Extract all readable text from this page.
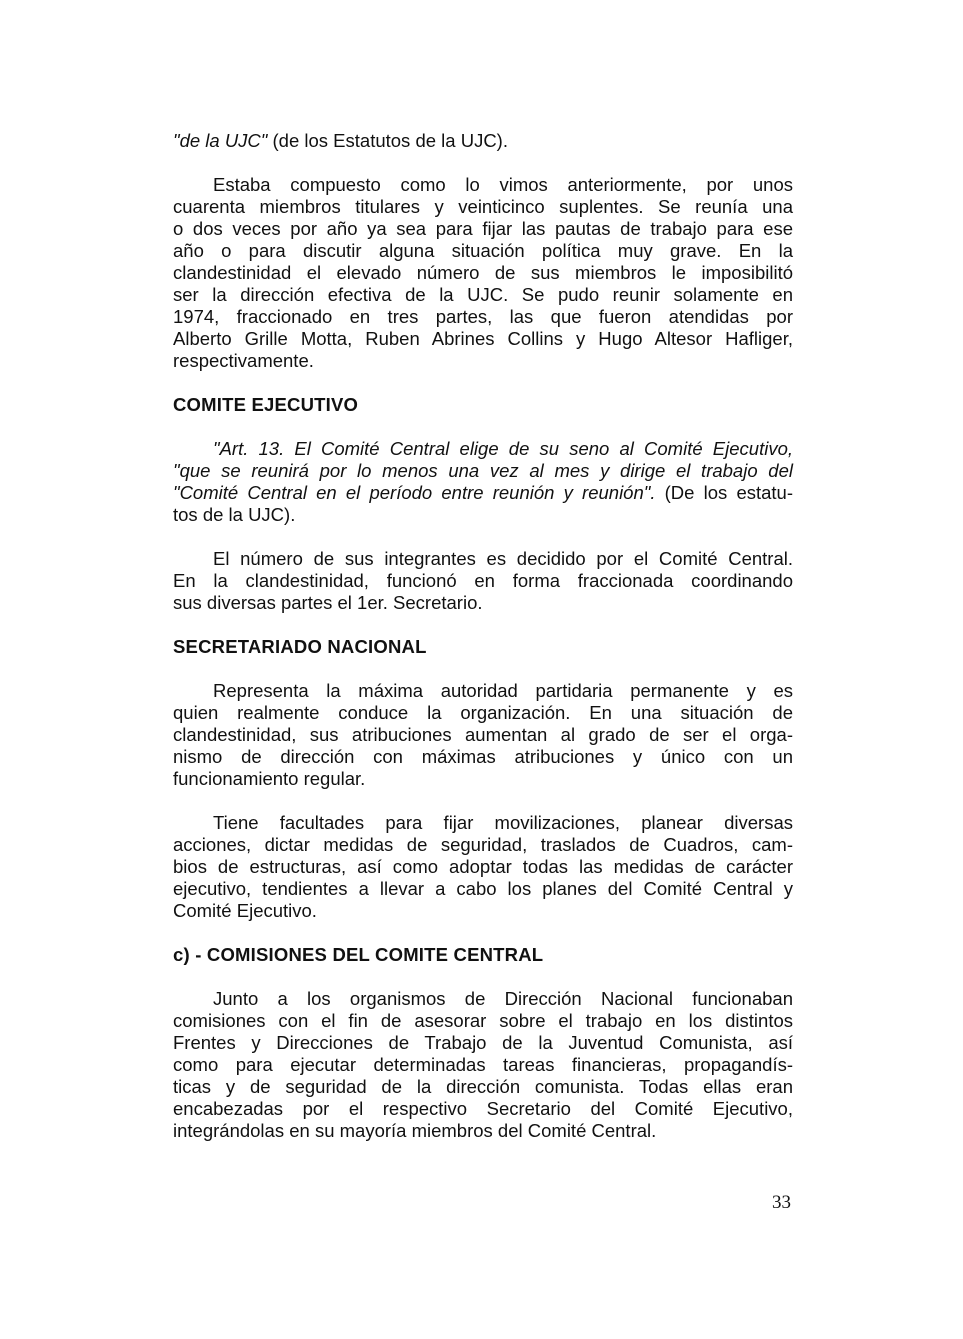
"de la UJC" (de los Estatutos de la UJC).
Estaba compuesto como lo vimos anteriormente, por unos
cuarenta miembros titulares y veinticinco suplentes. Se reunía una
o dos veces por año ya sea para fijar las pautas de trabajo para ese
año o para discutir alguna situación política muy grave. En la
clandestinidad el elevado número de sus miembros le imposibilitó
ser la dirección efectiva de la UJC. Se pudo reunir solamente en
1974, fraccionado en tres partes, las que fueron atendidas por
Alberto Grille Motta, Ruben Abrines Collins y Hugo Altesor Hafliger,
respectivamente.
COMITE EJECUTIVO
"Art. 13. El Comité Central elige de su seno al Comité Ejecutivo,
"que se reunirá por lo menos una vez al mes y dirige el trabajo del
"Comité Central en el período entre reunión y reunión". (De los estatu-
tos de la UJC).
El número de sus integrantes es decidido por el Comité Central.
En la clandestinidad, funcionó en forma fraccionada coordinando
sus diversas partes el 1er. Secretario.
SECRETARIADO NACIONAL
Representa la máxima autoridad partidaria permanente y es
quien realmente conduce la organización. En una situación de
clandestinidad, sus atribuciones aumentan al grado de ser el orga-
nismo de dirección con máximas atribuciones y único con un
funcionamiento regular.
Tiene facultades para fijar movilizaciones, planear diversas
acciones, dictar medidas de seguridad, traslados de Cuadros, cam-
bios de estructuras, así como adoptar todas las medidas de carácter
ejecutivo, tendientes a llevar a cabo los planes del Comité Central y
Comité Ejecutivo.
c) - COMISIONES DEL COMITE CENTRAL
Junto a los organismos de Dirección Nacional funcionaban
comisiones con el fin de asesorar sobre el trabajo en los distintos
Frentes y Direcciones de Trabajo de la Juventud Comunista, así
como para ejecutar determinadas tareas financieras, propagandís-
ticas y de seguridad de la dirección comunista. Todas ellas eran
encabezadas por el respectivo Secretario del Comité Ejecutivo,
integrándolas en su mayoría miembros del Comité Central.
33
